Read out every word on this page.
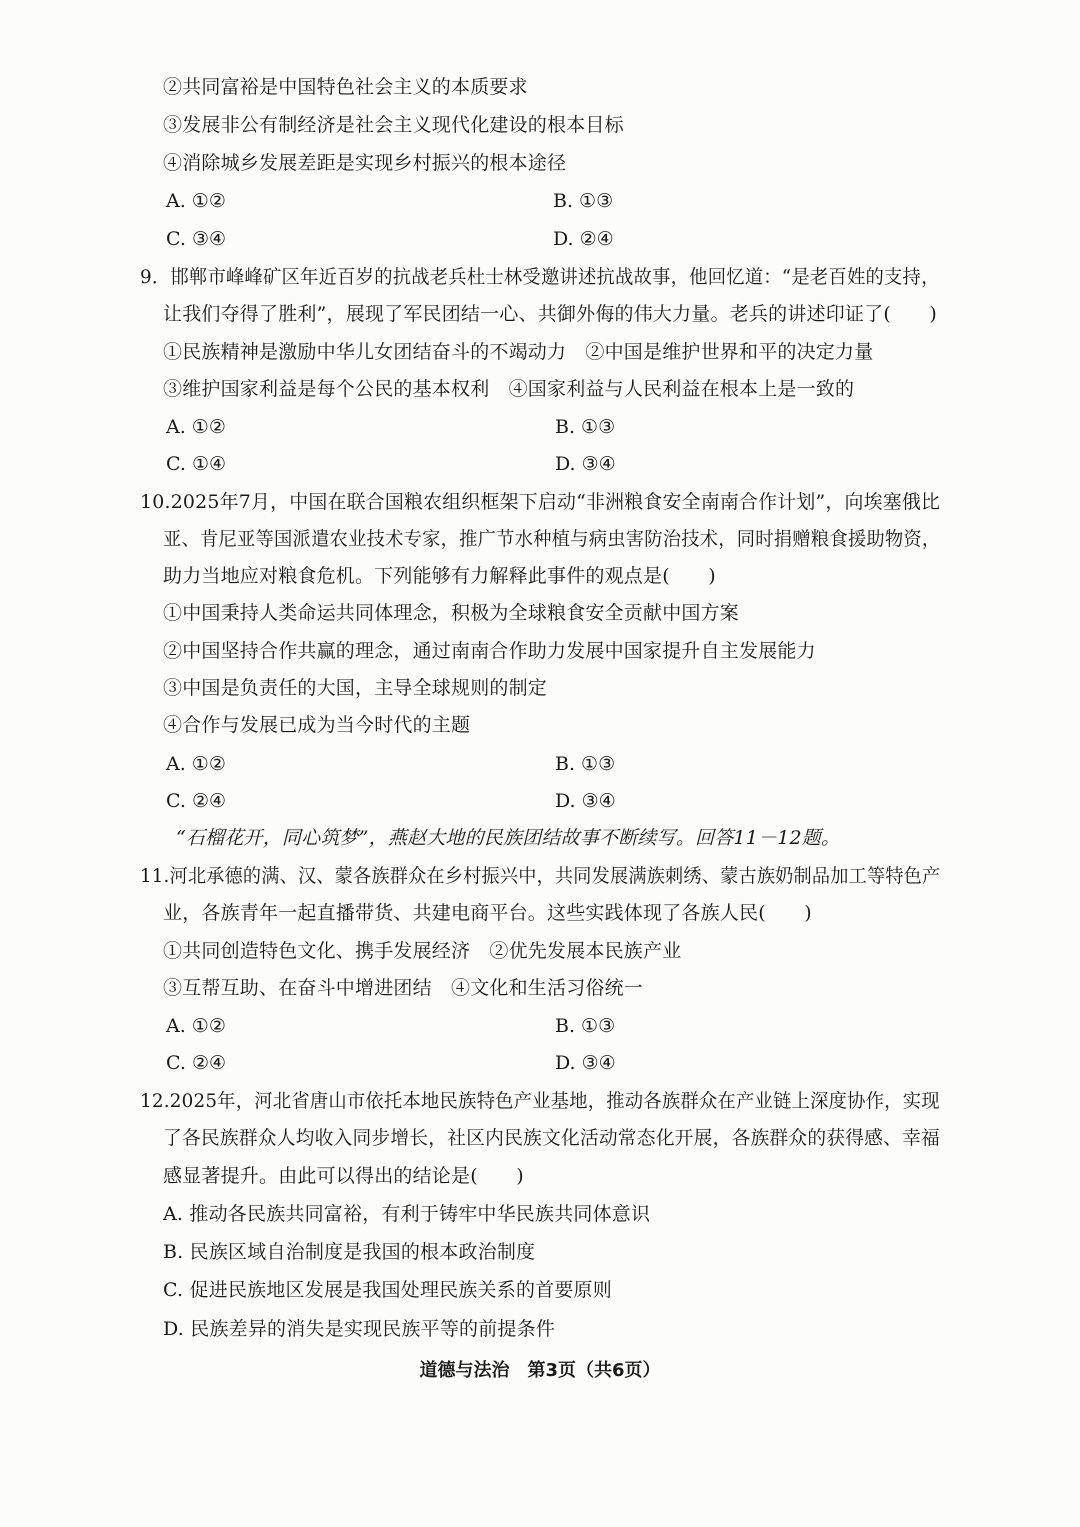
②共同富裕是中国特色社会主义的本质要求
③发展非公有制经济是社会主义现代化建设的根本目标
④消除城乡发展差距是实现乡村振兴的根本途径
A. ①②	B. ①③
C. ③④	D. ②④
9．邯郸市峰峰矿区年近百岁的抗战老兵杜士林受邀讲述抗战故事，他回忆道：“是老百姓的支持，
让我们夺得了胜利”，展现了军民团结一心、共御外侮的伟大力量。老兵的讲述印证了(　　)
①民族精神是激励中华儿女团结奋斗的不竭动力　②中国是维护世界和平的决定力量
③维护国家利益是每个公民的基本权利　④国家利益与人民利益在根本上是一致的
A. ①②	B. ①③
C. ①④	D. ③④
10.2025年7月，中国在联合国粮农组织框架下启动“非洲粮食安全南南合作计划”，向埃塞俄比
亚、肯尼亚等国派遣农业技术专家，推广节水种植与病虫害防治技术，同时捐赠粮食援助物资，
助力当地应对粮食危机。下列能够有力解释此事件的观点是(　　)
①中国秉持人类命运共同体理念，积极为全球粮食安全贡献中国方案
②中国坚持合作共赢的理念，通过南南合作助力发展中国家提升自主发展能力
③中国是负责任的大国，主导全球规则的制定
④合作与发展已成为当今时代的主题
A. ①②	B. ①③
C. ②④	D. ③④
“石榴花开，同心筑梦”，燕赵大地的民族团结故事不断续写。回答11－12题。
11.河北承德的满、汉、蒙各族群众在乡村振兴中，共同发展满族刺绣、蒙古族奶制品加工等特色产
业，各族青年一起直播带货、共建电商平台。这些实践体现了各族人民(　　)
①共同创造特色文化、携手发展经济　②优先发展本民族产业
③互帮互助、在奋斗中增进团结　④文化和生活习俗统一
A. ①②	B. ①③
C. ②④	D. ③④
12.2025年，河北省唐山市依托本地民族特色产业基地，推动各族群众在产业链上深度协作，实现
了各民族群众人均收入同步增长，社区内民族文化活动常态化开展，各族群众的获得感、幸福
感显著提升。由此可以得出的结论是(　　)
A. 推动各民族共同富裕，有利于铸牢中华民族共同体意识
B. 民族区域自治制度是我国的根本政治制度
C. 促进民族地区发展是我国处理民族关系的首要原则
D. 民族差异的消失是实现民族平等的前提条件
道德与法治　第3页（共6页）
